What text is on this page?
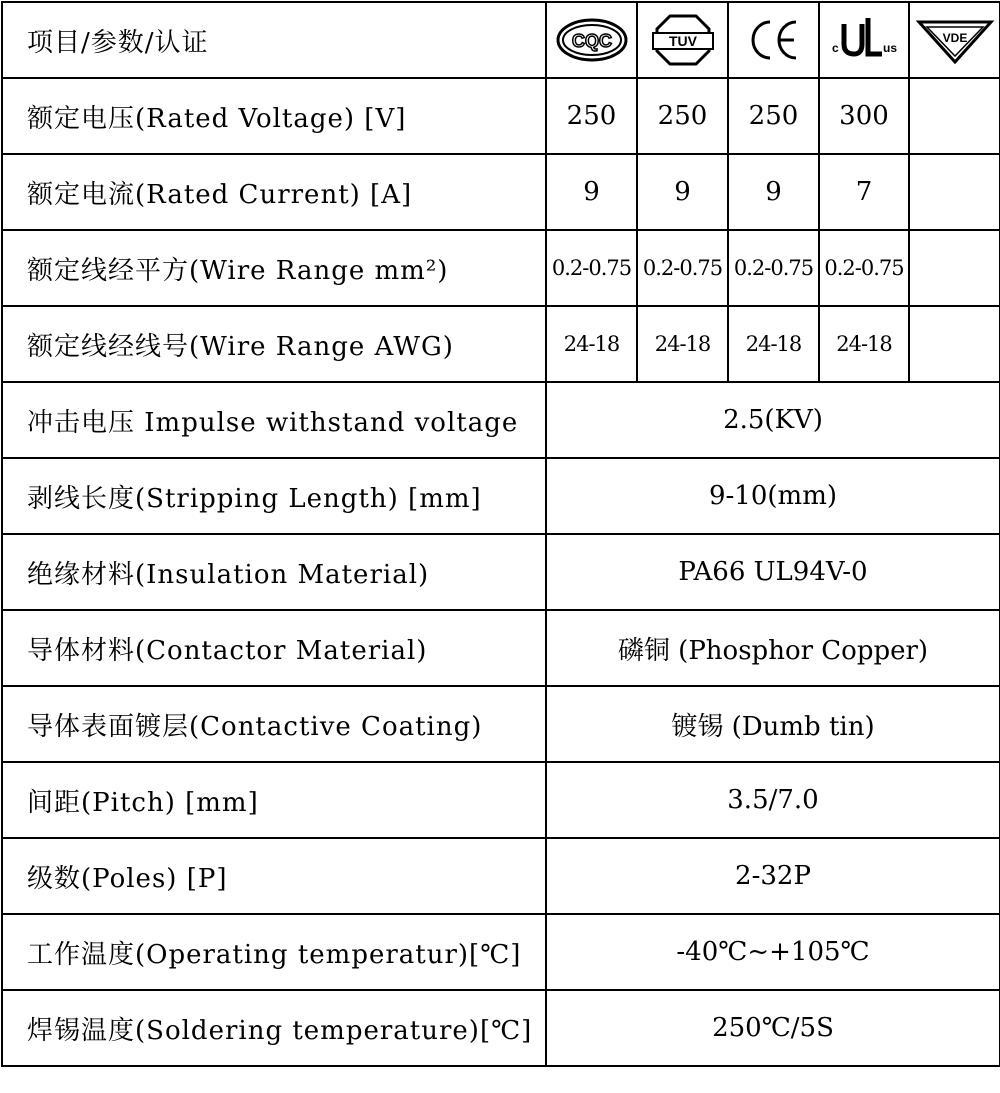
项目/参数/认证	CQC	TUV		c us	VDE

额定电压(Rated Voltage) [V]	250	250	250	300	
额定电流(Rated Current) [A]	9	9	9	7	
额定线经平方(Wire Range mm²)	0.2-0.75	0.2-0.75	0.2-0.75	0.2-0.75	
额定线经线号(Wire Range AWG)	24-18	24-18	24-18	24-18	
冲击电压 Impulse withstand voltage	2.5(KV)				
剥线长度(Stripping Length) [mm]	9-10(mm)				
绝缘材料(Insulation Material)	PA66 UL94V-0				
导体材料(Contactor Material)	磷铜 (Phosphor Copper)				
导体表面镀层(Contactive Coating)	镀锡 (Dumb tin)				
间距(Pitch) [mm]	3.5/7.0				
级数(Poles) [P]	2-32P				
工作温度(Operating temperatur)[℃]	-40℃~+105℃				
焊锡温度(Soldering temperature)[℃]	250℃/5S				
